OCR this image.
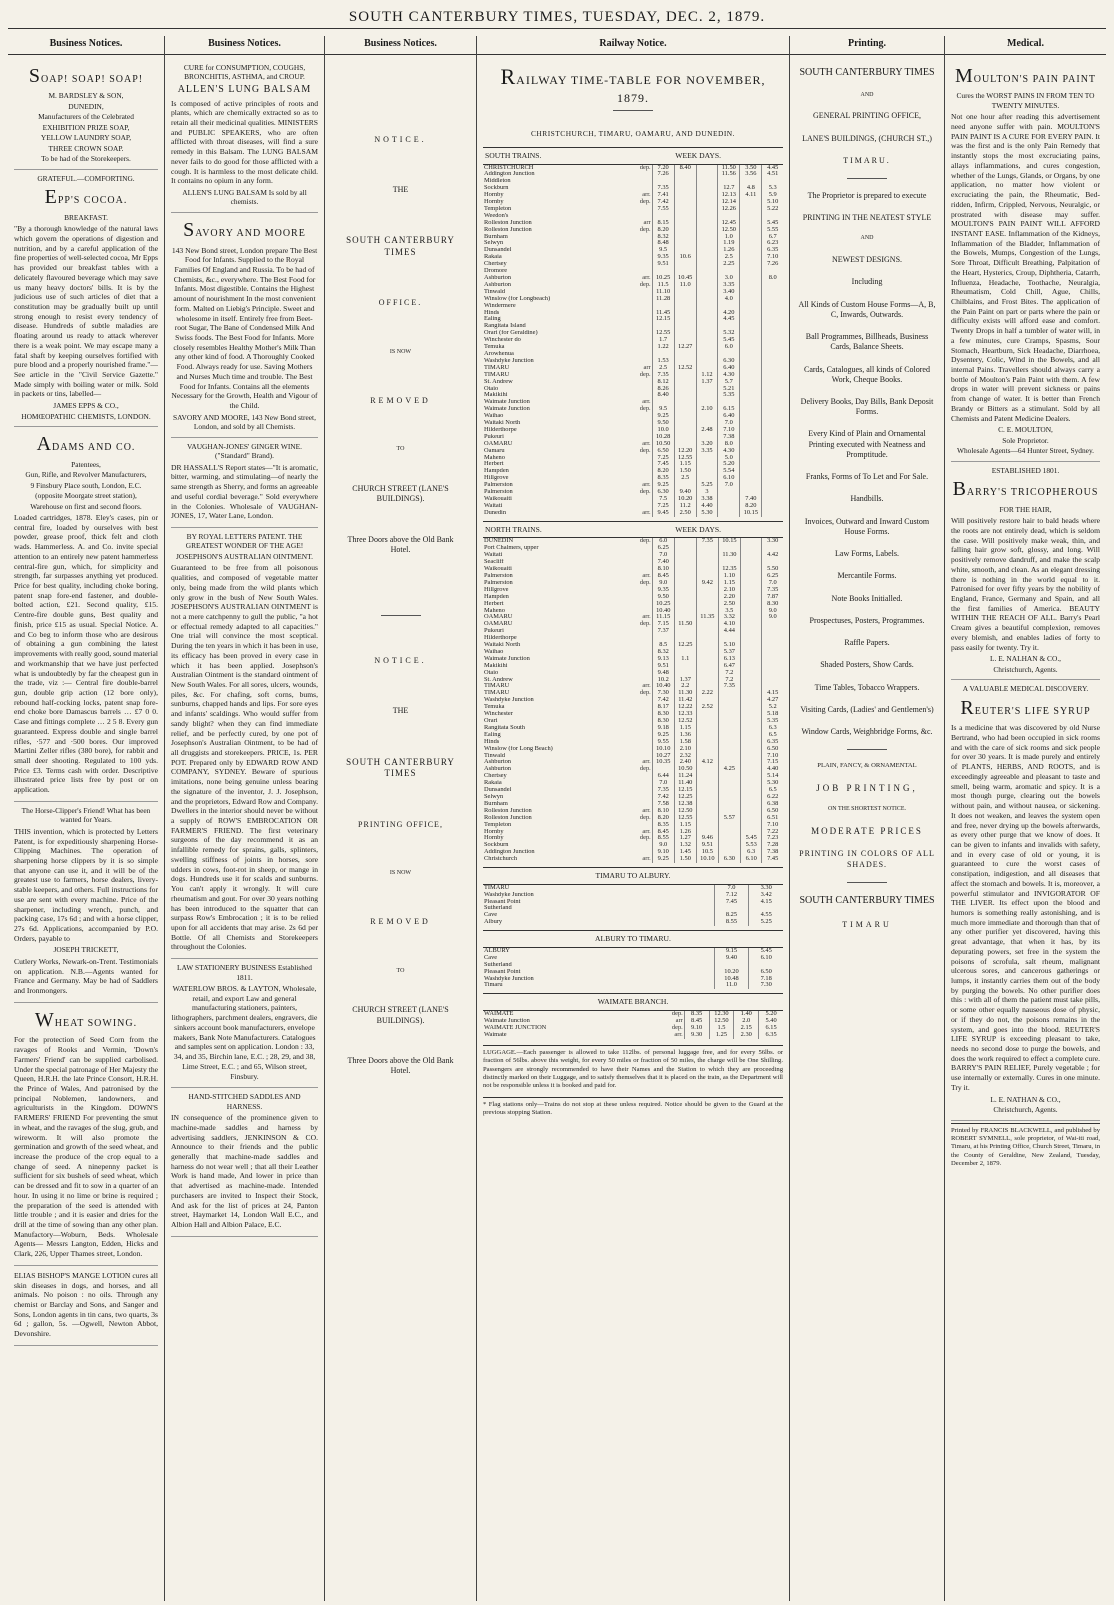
SOUTH CANTERBURY TIMES, TUESDAY, DEC. 2, 1879.
Business Notices.
SOAP! SOAP! SOAP!
M. BARDSLEY & SON,
DUNEDIN,
Manufacturers of the Celebrated
EXHIBITION PRIZE SOAP,
YELLOW LAUNDRY SOAP,
THREE CROWN SOAP.
To be had of the Storekeepers.
GRATEFUL.—COMFORTING.
EPP'S COCOA.
BREAKFAST.
"By a thorough knowledge of the natural laws which govern the operations of digestion and nutrition, and by a careful application of the fine properties of well-selected cocoa, Mr Epps has provided our breakfast tables with a delicately flavoured beverage which may save us many heavy doctors' bills. It is by the judicious use of such articles of diet that a constitution may be gradually built up until strong enough to resist every tendency of disease. Hundreds of subtle maladies are floating around us ready to attack wherever there is a weak point. We may escape many a fatal shaft by keeping ourselves fortified with pure blood and a properly nourished frame."—See article in the "Civil Service Gazette." Made simply with boiling water or milk. Sold in packets or tins, labelled—
JAMES EPPS & CO.,
HOMŒOPATHIC CHEMISTS, LONDON.
ADAMS AND CO.
Patentees,
Gun, Rifle, and Revolver Manufacturers,
9 Finsbury Place south, London, E.C.
(opposite Moorgate street station),
Warehouse on first and second floors.
Loaded cartridges, 1878. Eley's cases, pin or central fire, loaded by ourselves with best powder, grease proof, thick felt and cloth wads. Hammerless. A. and Co. invite special attention to an entirely new patent hammerless central-fire gun, which, for simplicity and strength, far surpasses anything yet produced. Price for best quality, including choke boring, patent snap fore-end fastener, and double-bolted action, £21. Second quality, £15. Centre-fire double guns, Best quality and finish, price £15 as usual. Special Notice. A. and Co beg to inform those who are desirous of obtaining a gun combining the latest improvements with really good, sound material and workmanship that we have just perfected what is undoubtedly by far the cheapest gun in the trade, viz :— Central fire double-barrel gun, double grip action (12 bore only), rebound half-cocking locks, patent snap fore-end choke bore Damascus barrels … £7 0 0. Case and fittings complete … 2 5 8. Every gun guaranteed. Express double and single barrel rifles, ·577 and ·500 bores. Our improved Martini Zeller rifles (380 bore), for rabbit and small deer shooting. Regulated to 100 yds. Price £3. Terms cash with order. Descriptive illustrated price lists free by post or on application.
The Horse-Clipper's Friend! What has been wanted for Years.
THIS invention, which is protected by Letters Patent, is for expeditiously sharpening Horse-Clipping Machines. The operation of sharpening horse clippers by it is so simple that anyone can use it, and it will be of the greatest use to farmers, horse dealers, livery-stable keepers, and others. Full instructions for use are sent with every machine. Price of the sharpener, including wrench, punch, and packing case, 17s 6d ; and with a horse clipper, 27s 6d. Applications, accompanied by P.O. Orders, payable to
JOSEPH TRICKETT,
Cutlery Works, Newark-on-Trent. Testimonials on application. N.B.—Agents wanted for France and Germany. May be had of Saddlers and Ironmongers.
WHEAT SOWING.
For the protection of Seed Corn from the ravages of Rooks and Vermin, 'Down's Farmers' Friend' can be supplied carbolised. Under the special patronage of Her Majesty the Queen, H.R.H. the late Prince Consort, H.R.H. the Prince of Wales, And patronised by the principal Noblemen, landowners, and agriculturists in the Kingdom. DOWN'S FARMERS' FRIEND For preventing the smut in wheat, and the ravages of the slug, grub, and wireworm. It will also promote the germination and growth of the seed wheat, and increase the produce of the crop equal to a change of seed. A ninepenny packet is sufficient for six bushels of seed wheat, which can be dressed and fit to sow in a quarter of an hour. In using it no lime or brine is required ; the preparation of the seed is attended with little trouble ; and it is easier and dries for the drill at the time of sowing than any other plan. Manufactory—Woburn, Beds. Wholesale Agents— Messrs Langton, Edden, Hicks and Clark, 226, Upper Thames street, London.
ELIAS BISHOP'S MANGE LOTION cures all skin diseases in dogs, and horses, and all animals. No poison : no oils. Through any chemist or Barclay and Sons, and Sanger and Sons, London agents in tin cans, two quarts, 3s 6d ; gallon, 5s. —Ogwell, Newton Abbot, Devonshire.
Business Notices.
CURE for CONSUMPTION, COUGHS, BRONCHITIS, ASTHMA, and CROUP.
ALLEN'S LUNG BALSAM
Is composed of active principles of roots and plants, which are chemically extracted so as to retain all their medicinal qualities. MINISTERS and PUBLIC SPEAKERS, who are often afflicted with throat diseases, will find a sure remedy in this Balsam. The LUNG BALSAM never fails to do good for those afflicted with a cough. It is harmless to the most delicate child. It contains no opium in any form.
ALLEN'S LUNG BALSAM Is sold by all chemists.
SAVORY AND MOORE
143 New Bond street, London prepare The Best Food for Infants. Supplied to the Royal Families Of England and Russia. To be had of Chemists, &c., everywhere. The Best Food for Infants. Most digestible. Contains the Highest amount of nourishment In the most convenient form. Malted on Liebig's Principle. Sweet and wholesome in itself. Entirely free from Beet-root Sugar, The Bane of Condensed Milk And Swiss foods. The Best Food for Infants. More closely resembles Healthy Mother's Milk Than any other kind of food. A Thoroughly Cooked Food. Always ready for use. Saving Mothers and Nurses Much time and trouble. The Best Food for Infants. Contains all the elements Necessary for the Growth, Health and Vigour of the Child.
SAVORY AND MOORE, 143 New Bond street, London, and sold by all Chemists.
VAUGHAN-JONES' GINGER WINE. ("Standard" Brand).
DR HASSALL'S Report states—"It is aromatic, bitter, warming, and stimulating—of nearly the same strength as Sherry, and forms an agreeable and useful cordial beverage." Sold everywhere in the Colonies. Wholesale of VAUGHAN-JONES, 17, Water Lane, London.
BY ROYAL LETTERS PATENT. THE GREATEST WONDER OF THE AGE!
JOSEPHSON'S AUSTRALIAN OINTMENT.
Guaranteed to be free from all poisonous qualities, and composed of vegetable matter only, being made from the wild plants which only grow in the bush of New South Wales. JOSEPHSON'S AUSTRALIAN OINTMENT is not a mere catchpenny to gull the public, "a hot or effectual remedy adapted to all capacities." One trial will convince the most sceptical. During the ten years in which it has been in use, its efficacy has been proved in every case in which it has been applied. Josephson's Australian Ointment is the standard ointment of New South Wales. For all sores, ulcers, wounds, piles, &c. For chafing, soft corns, bums, sunburns, chapped hands and lips. For sore eyes and infants' scaldings. Who would suffer from sandy blight? when they can find immediate relief, and be perfectly cured, by one pot of Josephson's Australian Ointment, to be had of all druggists and storekeepers. PRICE, 1s. PER POT. Prepared only by EDWARD ROW AND COMPANY, SYDNEY. Beware of spurious imitations, none being genuine unless bearing the signature of the inventor, J. J. Josephson, and the proprietors, Edward Row and Company. Dwellers in the interior should never be without a supply of ROW'S EMBROCATION OR FARMER'S FRIEND. The first veterinary surgeons of the day recommend it as an infallible remedy for sprains, galls, splinters, swelling stiffness of joints in horses, sore udders in cows, foot-rot in sheep, or mange in dogs. Hundreds use it for scalds and sunburns. You can't apply it wrongly. It will cure rheumatism and gout. For over 30 years nothing has been introduced to the squatter that can surpass Row's Embrocation ; it is to be relied upon for all accidents that may arise. 2s 6d per Bottle. Of all Chemists and Storekeepers throughout the Colonies.
LAW STATIONERY BUSINESS Established 1811.
WATERLOW BROS. & LAYTON, Wholesale, retail, and export Law and general manufacturing stationers, painters, lithographers, parchment dealers, engravers, die sinkers account book manufacturers, envelope makers, Bank Note Manufacturers. Catalogues and samples sent on application. London : 33, 34, and 35, Birchin lane, E.C. ; 28, 29, and 38, Lime Street, E.C. ; and 65, Wilson street, Finsbury.
HAND-STITCHED SADDLES AND HARNESS.
IN consequence of the prominence given to machine-made saddles and harness by advertising saddlers, JENKINSON & CO. Announce to their friends and the public generally that machine-made saddles and harness do not wear well ; that all their Leather Work is hand made, And lower in price than that advertised as machine-made. Intended purchasers are invited to Inspect their Stock, And ask for the list of prices at 24, Panton street, Haymarket 14, London Wall E.C., and Albion Hall and Albion Palace, E.C.
Business Notices.
NOTICE.
THE
SOUTH CANTERBURY TIMES
OFFICE.
IS NOW
REMOVED
TO
CHURCH STREET (LANE'S BUILDINGS).
Three Doors above the Old Bank Hotel.
NOTICE.
THE
SOUTH CANTERBURY TIMES
PRINTING OFFICE,
IS NOW
REMOVED
TO
CHURCH STREET (LANE'S BUILDINGS).
Three Doors above the Old Bank Hotel.
Railway Notice.
RAILWAY TIME-TABLE FOR NOVEMBER, 1879.
CHRISTCHURCH, TIMARU, OAMARU, AND DUNEDIN.
SOUTH TRAINS.	WEEK DAYS.
CHRISTCHURCH	dep.	7.20	8.40		11.50	3.50	4.45
Addington Junction		7.26			11.56	3.56	4.51
Middleton							
Sockburn		7.35			12.7	4.8	5.3
Hornby	arr.	7.41			12.13	4.11	5.9
Hornby	dep.	7.42			12.14		5.10
Templeton		7.55			12.26		5.22
Weedon's							
Rolleston Junction	arr	8.15			12.45		5.45
Rolleston Junction	dep.	8.20			12.50		5.55
Burnham		8.32			1.0		6.7
Selwyn		8.48			1.19		6.23
Dunsandel		9.5			1.26		6.35
Rakaia		9.35	10.6		2.5		7.10
Chertsey		9.51			2.25		7.26
Dromore							
Ashburton	arr.	10.25	10.45		3.0		8.0
Ashburton	dep.	11.5	11.0		3.35		
Tinwald		11.10			3.40		
Winslow (for Longbeach)		11.28			4.0		
Windermere							
Hinds		11.45			4.20		
Ealing		12.15			4.45		
Rangitata Island							
Orari (for Geraldine)		12.55			5.32		
Winchester do		1.7			5.45		
Temuka		1.22	12.27		6.0		
Arowhenua							
Washdyke Junction		1.53			6.30		
TIMARU	arr	2.5	12.52		6.40		
TIMARU	dep.	7.35		1.12	4.30		
St. Andrew		8.12		1.37	5.7		
Otaio		8.26			5.21		
Makikihi		8.40			5.35		
Waimate Junction	arr.						
Waimate Junction	dep.	9.5		2.10	6.15		
Waihao		9.25			6.40		
Waitaki North		9.50			7.0		
Hilderthorpe		10.0		2.48	7.10		
Pukeuri		10.28			7.38		
OAMARU	arr.	10.50		3.20	8.0		
Oamaru	dep.	6.50	12.20	3.35	4.30		
Maheno		7.25	12.55		5.0		
Herbert		7.45	1.15		5.20		
Hampden		8.20	1.50		5.54		
Hillgrove		8.35	2.5		6.10		
Palmerston	arr.	9.25		5.25	7.0		
Palmerston	dep.	6.30	9.40	3			
Waikouaiti		7.5	10.20	3.38		7.40	
Waitati		7.25	11.2	4.40		8.20	
Dunedin	arr.	9.45	2.50	5.30		10.15	
NORTH TRAINS.	WEEK DAYS.
DUNEDIN	dep.	6.0		7.35	10.15		3.30
Port Chalmers, upper		6.25					
Waitati		7.0			11.30		4.42
Seacliff		7.40					
Waikouaiti		8.10			12.35		5.50
Palmerston	arr.	8.45			1.10		6.25
Palmerston	dep.	9.0		9.42	1.15		7.0
Hillgrove		9.35			2.10		7.35
Hampden		9.50			2.20		7.87
Herbert		10.25			2.50		8.30
Maheno		10.40			3.5		9.0
OAMARU	arr.	11.15		11.35	3.32		9.0
OAMARU	dep.	7.15	11.50		4.10		
Pukeuri		7.37			4.44		
Hilderthorpe							
Waitaki North		8.5	12.25		5.10		
Waihao		8.32			5.37		
Waimate Junction		9.13	1.1		6.13		
Makikihi		9.51			6.47		
Otaio		9.48			7.2		
St. Andrew		10.2	1.37		7.2		
TIMARU	arr.	10.40	2.2		7.35		
TIMARU	dep.	7.30	11.30	2.22			4.15
Washdyke Junction		7.42	11.42				4.27
Temuka		8.17	12.22	2.52			5.2
Winchester		8.30	12.33				5.18
Orari		8.30	12.52				5.35
Rangitata South		9.18	1.15				6.3
Ealing		9.25	1.36				6.5
Hinds		9.55	1.58				6.35
Winslow (for Long Beach)		10.10	2.10				6.50
Tinwald		10.27	2.32				7.10
Ashburton	arr.	10.35	2.40	4.12			7.15
Ashburton	dep.		10.50		4.25		4.40
Chertsey		6.44	11.24				5.14
Rakaia		7.0	11.40				5.30
Dunsandel		7.35	12.15				6.5
Selwyn		7.42	12.25				6.22
Burnham		7.58	12.38				6.38
Rolleston Junction	arr.	8.10	12.50				6.50
Rolleston Junction	dep.	8.20	12.55		5.57		6.51
Templeton		8.35	1.15				7.10
Hornby	arr.	8.45	1.26				7.22
Hornby	dep.	8.55	1.27	9.46		5.45	7.23
Sockburn		9.0	1.32	9.51		5.53	7.28
Addington Junction		9.10	1.45	10.5		6.3	7.38
Christchurch	arr.	9.25	1.50	10.10	6.30	6.10	7.45
TIMARU TO ALBURY.
TIMARU	7.0	3.30
Washdyke Junction	7.12	3.42
Pleasant Point	7.45	4.15
Sutherland		
Cave	8.25	4.55
Albury	8.55	5.25
ALBURY TO TIMARU.
ALBURY	9.15	5.45
Cave	9.40	6.10
Sutherland		
Pleasant Point	10.20	6.50
Washdyke Junction	10.48	7.18
Timaru	11.0	7.30
WAIMATE BRANCH.
WAIMATE	dep.	8.35	12.30	1.40	5.20
Waimate Junction	arr	8.45	12.50	2.0	5.40
WAIMATE JUNCTION	dep.	9.10	1.5	2.15	6.15
Waimate	arr.	9.30	1.25	2.30	6.35
LUGGAGE.—Each passenger is allowed to take 112lbs. of personal luggage free, and for every 56lbs. or fraction of 56lbs. above this weight, for every 50 miles or fraction of 50 miles, the charge will be One Shilling. Passengers are strongly recommended to have their Names and the Station to which they are proceeding distinctly marked on their Luggage, and to satisfy themselves that it is placed on the train, as the Department will not be responsible unless it is booked and paid for.
* Flag stations only—Trains do not stop at these unless required. Notice should be given to the Guard at the previous stopping Station.
Printing.
SOUTH CANTERBURY TIMES
AND
GENERAL PRINTING OFFICE,
LANE'S BUILDINGS, (CHURCH ST.,)
TIMARU.
The Proprietor is prepared to execute
PRINTING IN THE NEATEST STYLE
AND
NEWEST DESIGNS.
Including
All Kinds of Custom House Forms—A, B, C, Inwards, Outwards.
Ball Programmes, Billheads, Business Cards, Balance Sheets.
Cards, Catalogues, all kinds of Colored Work, Cheque Books.
Delivery Books, Day Bills, Bank Deposit Forms.
Every Kind of Plain and Ornamental Printing executed with Neatness and Promptitude.
Franks, Forms of To Let and For Sale.
Handbills.
Invoices, Outward and Inward Custom House Forms.
Law Forms, Labels.
Mercantile Forms.
Note Books Initialled.
Prospectuses, Posters, Programmes.
Raffle Papers.
Shaded Posters, Show Cards.
Time Tables, Tobacco Wrappers.
Visiting Cards, (Ladies' and Gentlemen's)
Window Cards, Weighbridge Forms, &c.
PLAIN, FANCY, & ORNAMENTAL
JOB PRINTING,
ON THE SHORTEST NOTICE.
MODERATE PRICES
PRINTING IN COLORS OF ALL SHADES.
SOUTH CANTERBURY TIMES
TIMARU
Medical.
MOULTON'S PAIN PAINT
Cures the WORST PAINS IN FROM TEN TO TWENTY MINUTES.
Not one hour after reading this advertisement need anyone suffer with pain. MOULTON'S PAIN PAINT IS A CURE FOR EVERY PAIN. It was the first and is the only Pain Remedy that instantly stops the most excruciating pains, allays inflammations, and cures congestion, whether of the Lungs, Glands, or Organs, by one application, no matter how violent or excruciating the pain, the Rheumatic, Bed-ridden, Infirm, Crippled, Nervous, Neuralgic, or prostrated with disease may suffer. MOULTON'S PAIN PAINT WILL AFFORD INSTANT EASE. Inflammation of the Kidneys, Inflammation of the Bladder, Inflammation of the Bowels, Mumps, Congestion of the Lungs, Sore Throat, Difficult Breathing, Palpitation of the Heart, Hysterics, Croup, Diphtheria, Catarrh, Influenza, Headache, Toothache, Neuralgia, Rheumatism, Cold Chill, Ague, Chills, Chilblains, and Frost Bites. The application of the Pain Paint on part or parts where the pain or difficulty exists will afford ease and comfort. Twenty Drops in half a tumbler of water will, in a few minutes, cure Cramps, Spasms, Sour Stomach, Heartburn, Sick Headache, Diarrhoea, Dysentery, Colic, Wind in the Bowels, and all internal Pains. Travellers should always carry a bottle of Moulton's Pain Paint with them. A few drops in water will prevent sickness or pains from change of water. It is better than French Brandy or Bitters as a stimulant. Sold by all Chemists and Patent Medicine Dealers.
C. E. MOULTON,
Sole Proprietor.
Wholesale Agents—64 Hunter Street, Sydney.
ESTABLISHED 1801.
BARRY'S TRICOPHEROUS
FOR THE HAIR,
Will positively restore hair to bald heads where the roots are not entirely dead, which is seldom the case. Will positively make weak, thin, and falling hair grow soft, glossy, and long. Will positively remove dandruff, and make the scalp white, smooth, and clean. As an elegant dressing there is nothing in the world equal to it. Patronised for over fifty years by the nobility of England, France, Germany and Spain, and all the first families of America. BEAUTY WITHIN THE REACH OF ALL. Barry's Pearl Cream gives a beautiful complexion, removes every blemish, and enables ladies of forty to pass easily for twenty. Try it.
L. E. NALHAN & CO.,
Christchurch, Agents.
A VALUABLE MEDICAL DISCOVERY.
REUTER'S LIFE SYRUP
Is a medicine that was discovered by old Nurse Bertrand, who had been occupied in sick rooms and with the care of sick rooms and sick people for over 30 years. It is made purely and entirely of PLANTS, HERBS, AND ROOTS, and is exceedingly agreeable and pleasant to taste and smell, being warm, aromatic and spicy. It is a most though purge, clearing out the bowels without pain, and without nausea, or sickening. It does not weaken, and leaves the system open and free, never drying up the bowels afterwards, as every other purge that we know of does. It can be given to infants and invalids with safety, and in every case of old or young, it is guaranteed to cure the worst cases of constipation, indigestion, and all diseases that affect the stomach and bowels. It is, moreover, a powerful stimulator and INVIGORATOR OF THE LIVER. Its effect upon the blood and humors is something really astonishing, and is much more immediate and thorough than that of any other purifier yet discovered, having this great advantage, that when it has, by its depurating powers, set free in the system the poisons of scrofula, salt rheum, malignant ulcerous sores, and cancerous gatherings or lumps, it instantly carries them out of the body by purging the bowels. No other purifier does this : with all of them the patient must take pills, or some other equally nauseous dose of physic, or if they do not, the poisons remains in the system, and goes into the blood. REUTER'S LIFE SYRUP is exceeding pleasant to take, needs no second dose to purge the bowels, and does the work required to effect a complete cure. BARRY'S PAIN RELIEF, Purely vegetable ; for use internally or externally. Cures in one minute. Try it.
L. E. NATHAN & CO.,
Christchurch, Agents.
Printed by FRANCIS BLACKWELL, and published by ROBERT SYMNELL, sole proprietor, of Wai-iti road, Timaru, at his Printing Office, Church Street, Timaru, in the County of Geraldine, New Zealand, Tuesday, December 2, 1879.
